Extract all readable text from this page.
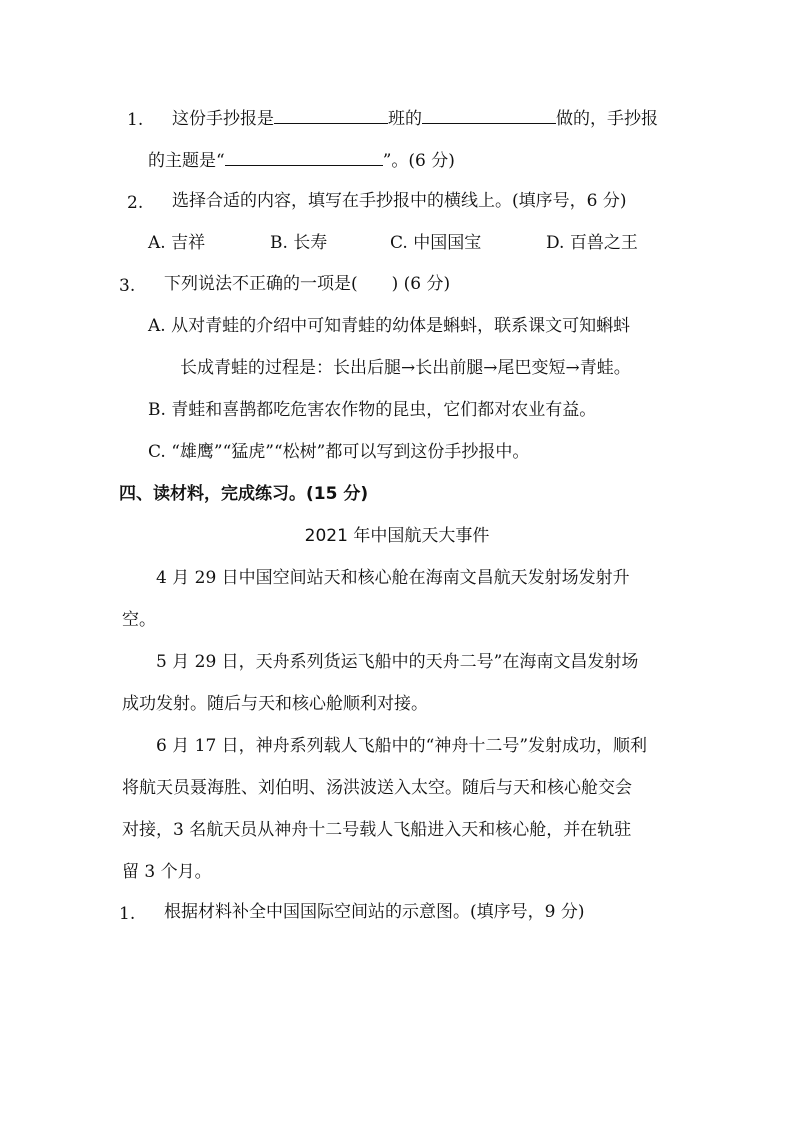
1. 这份手抄报是	班的	做的，手抄报
的主题是“	”。(6 分)
2. 选择合适的内容，填写在手抄报中的横线上。(填序号，6 分)
A. 吉祥	B. 长寿	C. 中国国宝	D. 百兽之王
3. 下列说法不正确的一项是(　　) (6 分)
A. 从对青蛙的介绍中可知青蛙的幼体是蝌蚪，联系课文可知蝌蚪
长成青蛙的过程是：长出后腿→长出前腿→尾巴变短→青蛙。
B. 青蛙和喜鹊都吃危害农作物的昆虫，它们都对农业有益。
C. “雄鹰”“猛虎”“松树”都可以写到这份手抄报中。
四、读材料，完成练习。(15 分)
2021 年中国航天大事件
4 月 29 日中国空间站天和核心舱在海南文昌航天发射场发射升
空。
5 月 29 日，天舟系列货运飞船中的天舟二号”在海南文昌发射场
成功发射。随后与天和核心舱顺利对接。
6 月 17 日，神舟系列载人飞船中的“神舟十二号”发射成功，顺利
将航天员聂海胜、刘伯明、汤洪波送入太空。随后与天和核心舱交会
对接，3 名航天员从神舟十二号载人飞船进入天和核心舱，并在轨驻
留 3 个月。
1. 根据材料补全中国国际空间站的示意图。(填序号，9 分)
